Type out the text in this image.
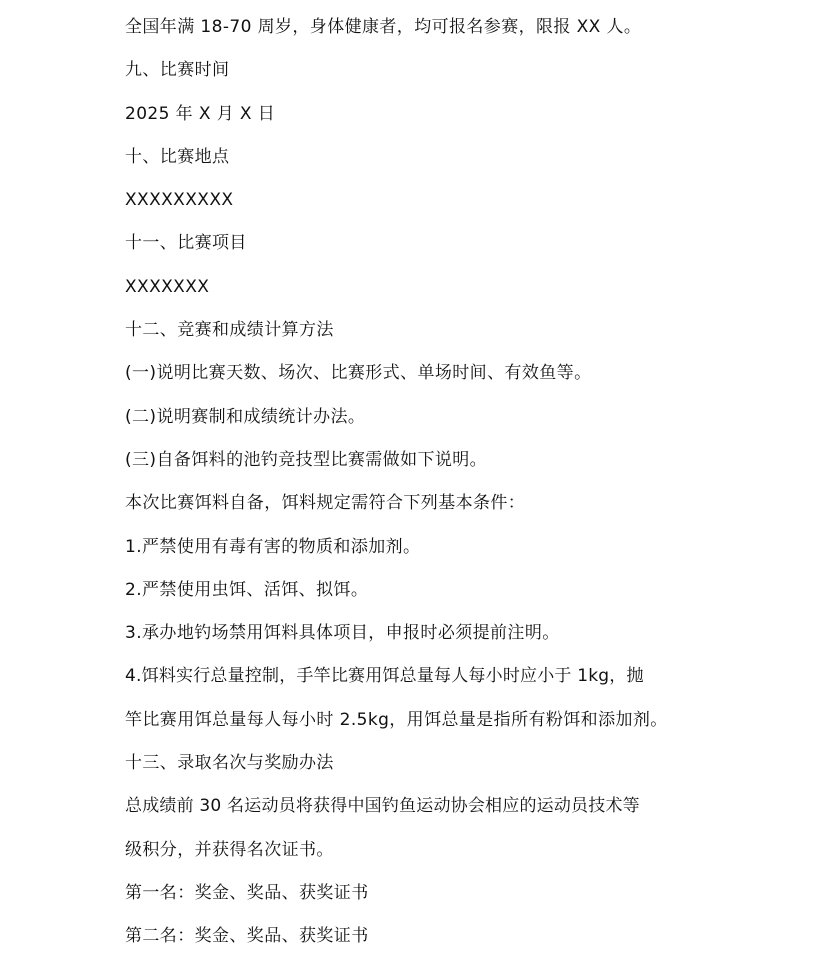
全国年满 18-70 周岁，身体健康者，均可报名参赛，限报 XX 人。
九、比赛时间
2025 年 X 月 X 日
十、比赛地点
XXXXXXXXX
十一、比赛项目
XXXXXXX
十二、竞赛和成绩计算方法
(一)说明比赛天数、场次、比赛形式、单场时间、有效鱼等。
(二)说明赛制和成绩统计办法。
(三)自备饵料的池钓竞技型比赛需做如下说明。
本次比赛饵料自备，饵料规定需符合下列基本条件：
1.严禁使用有毒有害的物质和添加剂。
2.严禁使用虫饵、活饵、拟饵。
3.承办地钓场禁用饵料具体项目，申报时必须提前注明。
4.饵料实行总量控制，手竿比赛用饵总量每人每小时应小于 1kg，抛
竿比赛用饵总量每人每小时 2.5kg，用饵总量是指所有粉饵和添加剂。
十三、录取名次与奖励办法
总成绩前 30 名运动员将获得中国钓鱼运动协会相应的运动员技术等
级积分，并获得名次证书。
第一名：奖金、奖品、获奖证书
第二名：奖金、奖品、获奖证书
